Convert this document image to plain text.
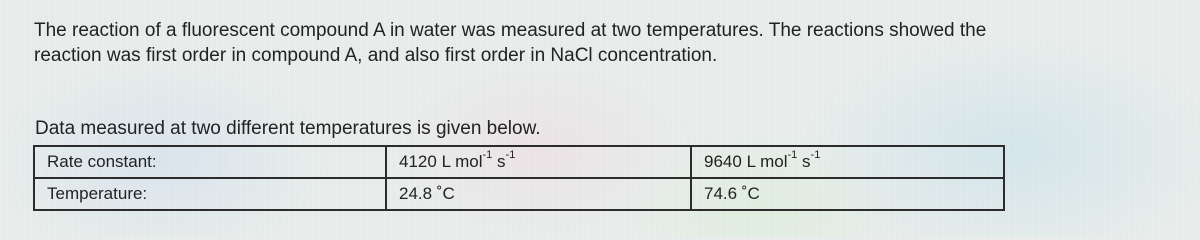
The reaction of a fluorescent compound A in water was measured at two temperatures. The reactions showed the
reaction was first order in compound A, and also first order in NaCl concentration.

Data measured at two different temperatures is given below.

Rate constant:	4120 L mol$^{-1}$ $s^{-1}$	9640 L mol$^{-1}$ $s^{-1}$
Temperature:	24.8 ˚C	74.6 ˚C
